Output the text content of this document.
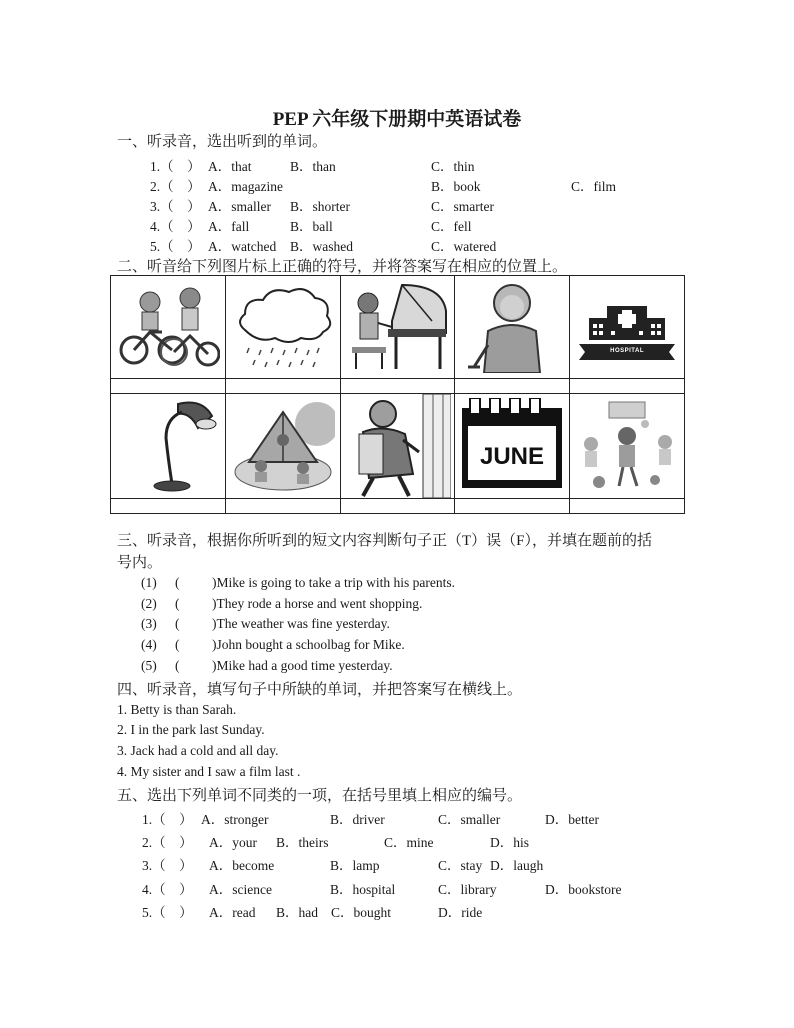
PEP 六年级下册期中英语试卷
一、听录音，选出听到的单词。
1.（　） A．that	B．than	C．thin
2.（　） A．magazine	B．book	C．film
3.（　） A．smaller B．shorter	C．smarter
4.（　） A．fall	B．ball	C．fell
5.（　） A．watched B．washed	C．watered
二、听音给下列图片标上正确的符号，并将答案写在相应的位置上。

HOSPITAL

JUNE

三、听录音，根据你所听到的短文内容判断句子正（T）误（F），并填在题前的括
号内。
(1) ( )Mike is going to take a trip with his parents.
(2) ( )They rode a horse and went shopping.
(3) ( )The weather was fine yesterday.
(4) ( )John bought a schoolbag for Mike.
(5) ( )Mike had a good time yesterday.
四、听录音，填写句子中所缺的单词，并把答案写在横线上。
1. Betty is than Sarah.
2. I in the park last Sunday.
3. Jack had a cold and all day.
4. My sister and I saw a film last .
五、选出下列单词不同类的一项，在括号里填上相应的编号。
1.（　） A．stronger	B．driver	C．smaller	D．better
2.（　） A．your B．theirs	C．mine	D．his
3.（　） A．become	B．lamp	C．stay D．laugh
4.（　） A．science	B．hospital	C．library	D．bookstore
5.（　） A．read B．had C．bought	D．ride
